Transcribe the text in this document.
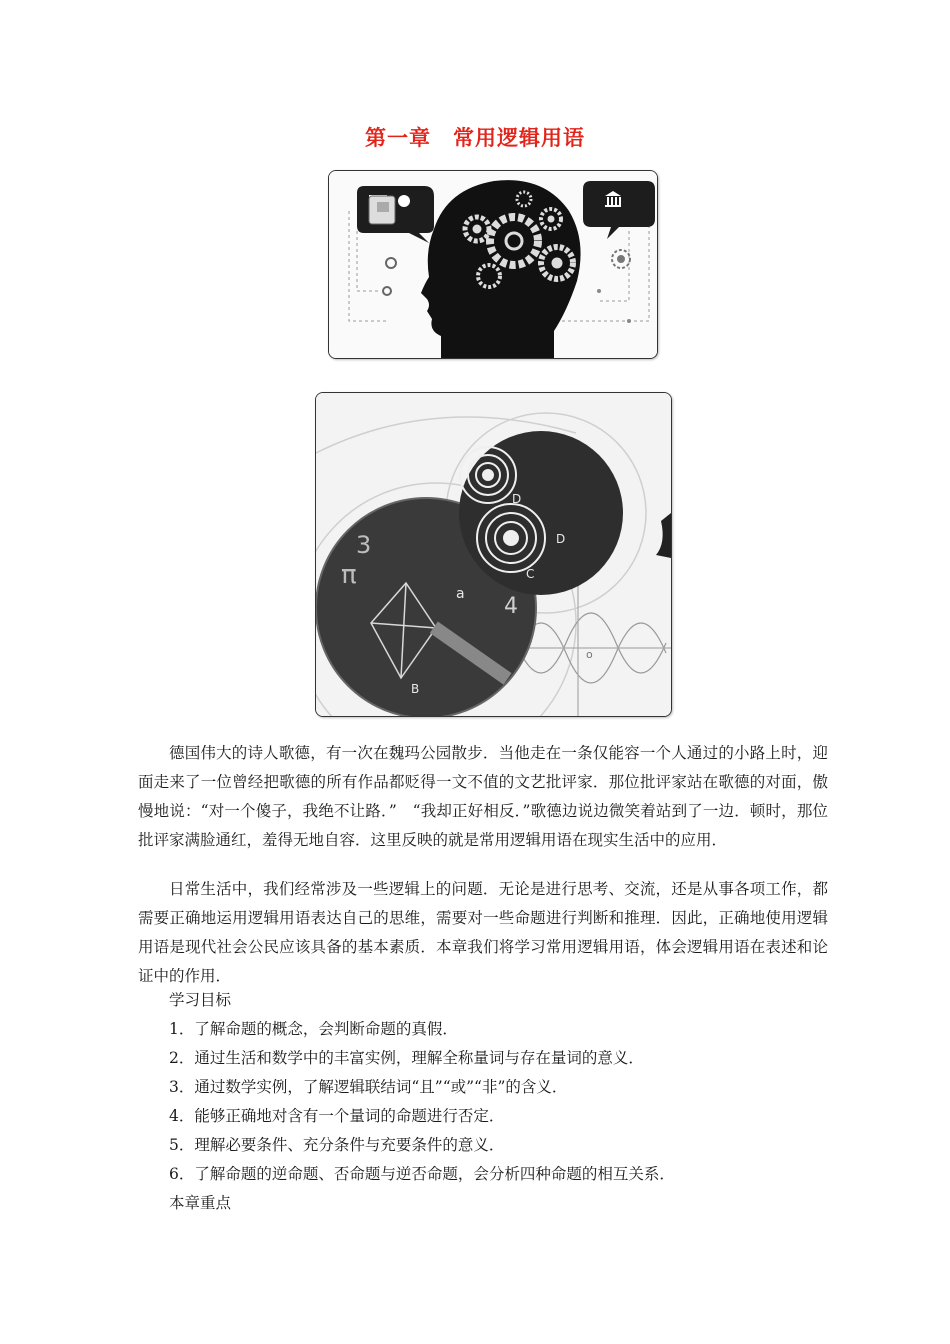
第一章　常用逻辑用语
D
4
π
3
a
B
C
D
o

德国伟大的诗人歌德，有一次在魏玛公园散步．当他走在一条仅能容一个人通过的小路上时，迎面走来了一位曾经把歌德的所有作品都贬得一文不值的文艺批评家．那位批评家站在歌德的对面，傲慢地说：“对一个傻子，我绝不让路．”　“我却正好相反．”歌德边说边微笑着站到了一边．顿时，那位批评家满脸通红，羞得无地自容．这里反映的就是常用逻辑用语在现实生活中的应用．

日常生活中，我们经常涉及一些逻辑上的问题．无论是进行思考、交流，还是从事各项工作，都需要正确地运用逻辑用语表达自己的思维，需要对一些命题进行判断和推理．因此，正确地使用逻辑用语是现代社会公民应该具备的基本素质．本章我们将学习常用逻辑用语，体会逻辑用语在表述和论证中的作用．

学习目标
1．了解命题的概念，会判断命题的真假．
2．通过生活和数学中的丰富实例，理解全称量词与存在量词的意义．
3．通过数学实例，了解逻辑联结词“且”“或”“非”的含义．
4．能够正确地对含有一个量词的命题进行否定．
5．理解必要条件、充分条件与充要条件的意义．
6．了解命题的逆命题、否命题与逆否命题，会分析四种命题的相互关系．
本章重点
